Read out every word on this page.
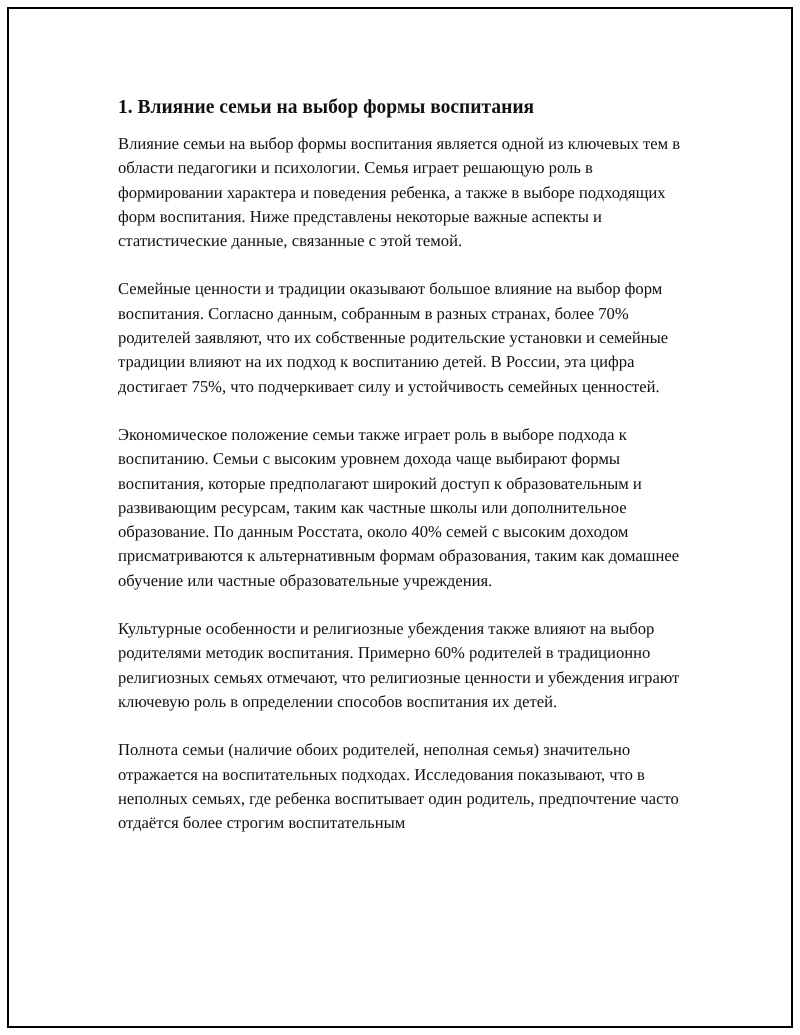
1. Влияние семьи на выбор формы воспитания

Влияние семьи на выбор формы воспитания является одной из ключевых тем в области педагогики и психологии. Семья играет решающую роль в формировании характера и поведения ребенка, а также в выборе подходящих форм воспитания. Ниже представлены некоторые важные аспекты и статистические данные, связанные с этой темой.

Семейные ценности и традиции оказывают большое влияние на выбор форм воспитания. Согласно данным, собранным в разных странах, более 70% родителей заявляют, что их собственные родительские установки и семейные традиции влияют на их подход к воспитанию детей. В России, эта цифра достигает 75%, что подчеркивает силу и устойчивость семейных ценностей.

Экономическое положение семьи также играет роль в выборе подхода к воспитанию. Семьи с высоким уровнем дохода чаще выбирают формы воспитания, которые предполагают широкий доступ к образовательным и развивающим ресурсам, таким как частные школы или дополнительное образование. По данным Росстата, около 40% семей с высоким доходом присматриваются к альтернативным формам образования, таким как домашнее обучение или частные образовательные учреждения.

Культурные особенности и религиозные убеждения также влияют на выбор родителями методик воспитания. Примерно 60% родителей в традиционно религиозных семьях отмечают, что религиозные ценности и убеждения играют ключевую роль в определении способов воспитания их детей.

Полнота семьи (наличие обоих родителей, неполная семья) значительно отражается на воспитательных подходах. Исследования показывают, что в неполных семьях, где ребенка воспитывает один родитель, предпочтение часто отдаётся более строгим воспитательным
